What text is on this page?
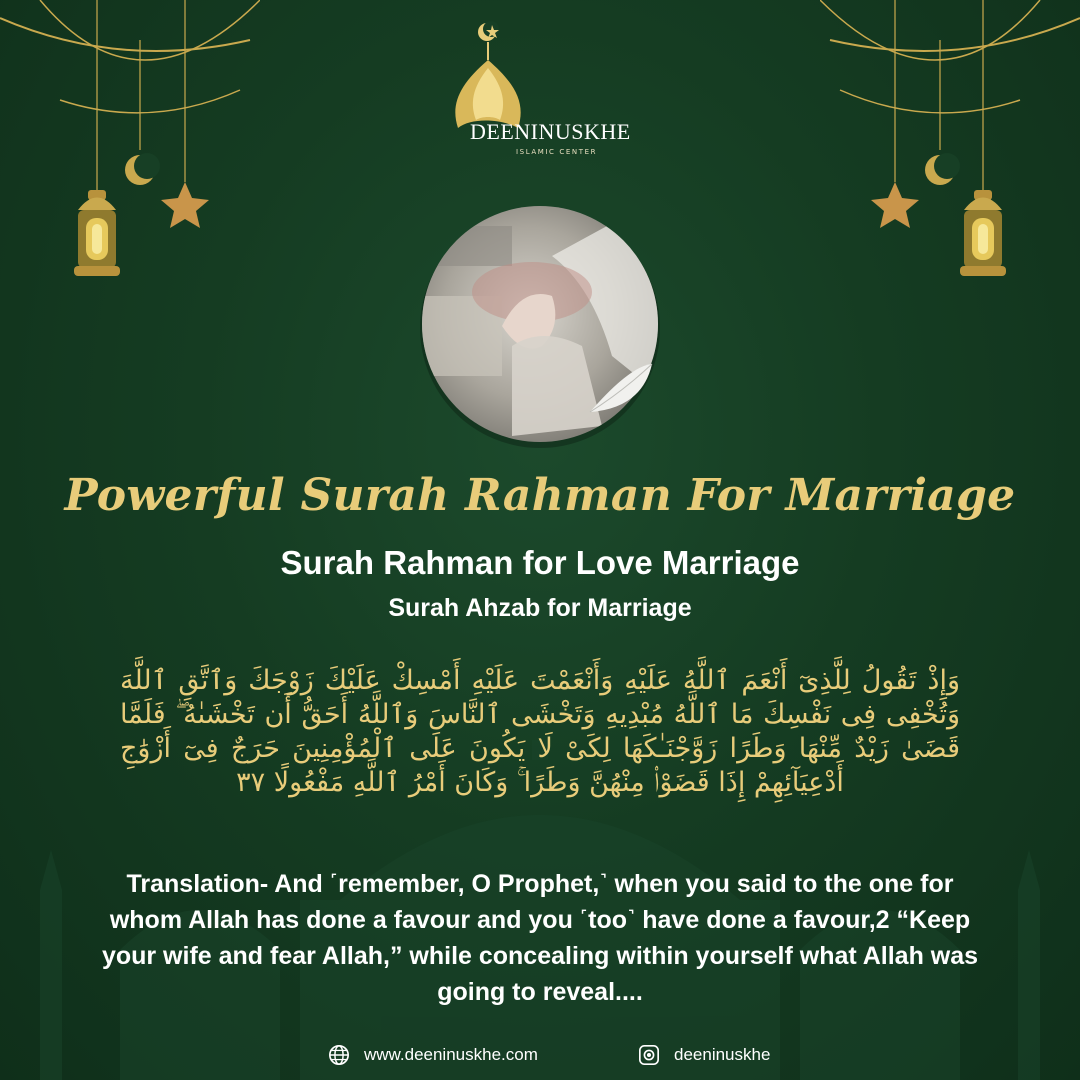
DEENINUSKHE
ISLAMIC CENTER
Powerful Surah Rahman For Marriage
Surah Rahman for Love Marriage
Surah Ahzab for Marriage
وَإِذْ تَقُولُ لِلَّذِىٓ أَنْعَمَ ٱللَّهُ عَلَيْهِ وَأَنْعَمْتَ عَلَيْهِ أَمْسِكْ عَلَيْكَ زَوْجَكَ وَٱتَّقِ ٱللَّهَ وَتُخْفِى فِى نَفْسِكَ مَا ٱللَّهُ مُبْدِيهِ وَتَخْشَى ٱلنَّاسَ وَٱللَّهُ أَحَقُّ أَن تَخْشَىٰهُ ۖ فَلَمَّا قَضَىٰ زَيْدٌ مِّنْهَا وَطَرًا زَوَّجْنَـٰكَهَا لِكَىْ لَا يَكُونَ عَلَى ٱلْمُؤْمِنِينَ حَرَجٌ فِىٓ أَزْوَٰجِ أَدْعِيَآئِهِمْ إِذَا قَضَوْا۟ مِنْهُنَّ وَطَرًا ۚ وَكَانَ أَمْرُ ٱللَّهِ مَفْعُولًا ٣٧
Translation- And ˹remember, O Prophet,˺ when you said to the one for whom Allah has done a favour and you ˹too˺ have done a favour,2 “Keep your wife and fear Allah,” while concealing within yourself what Allah was going to reveal....
www.deeninuskhe.com	deeninuskhe
